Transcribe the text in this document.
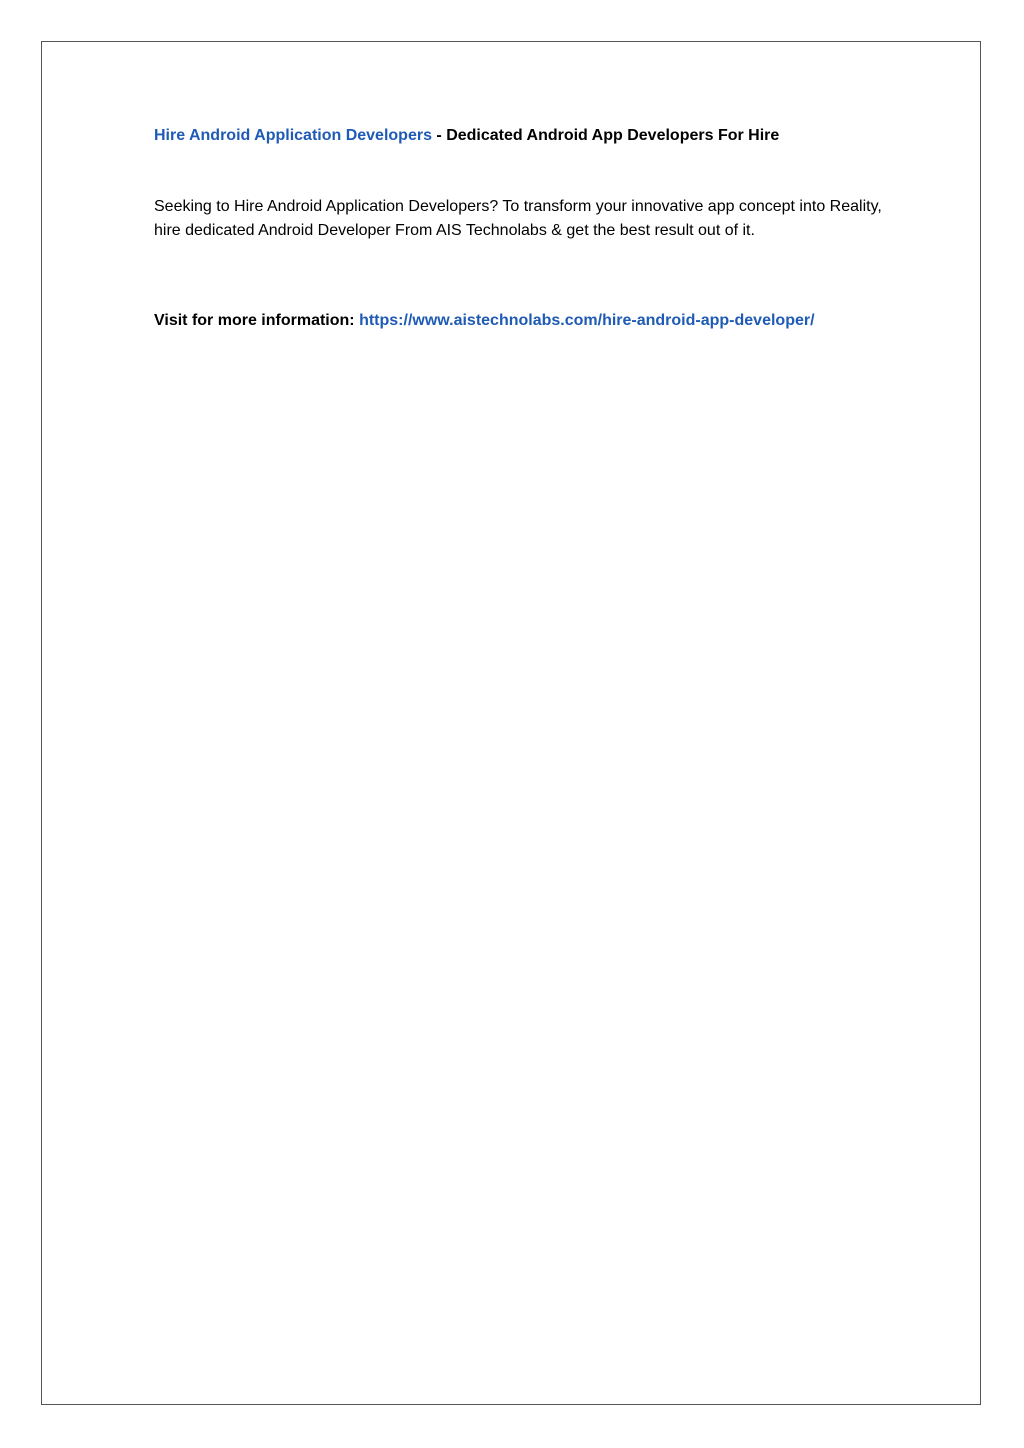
Hire Android Application Developers - Dedicated Android App Developers For Hire
Seeking to Hire Android Application Developers? To transform your innovative app concept into Reality, hire dedicated Android Developer From AIS Technolabs & get the best result out of it.
Visit for more information: https://www.aistechnolabs.com/hire-android-app-developer/
